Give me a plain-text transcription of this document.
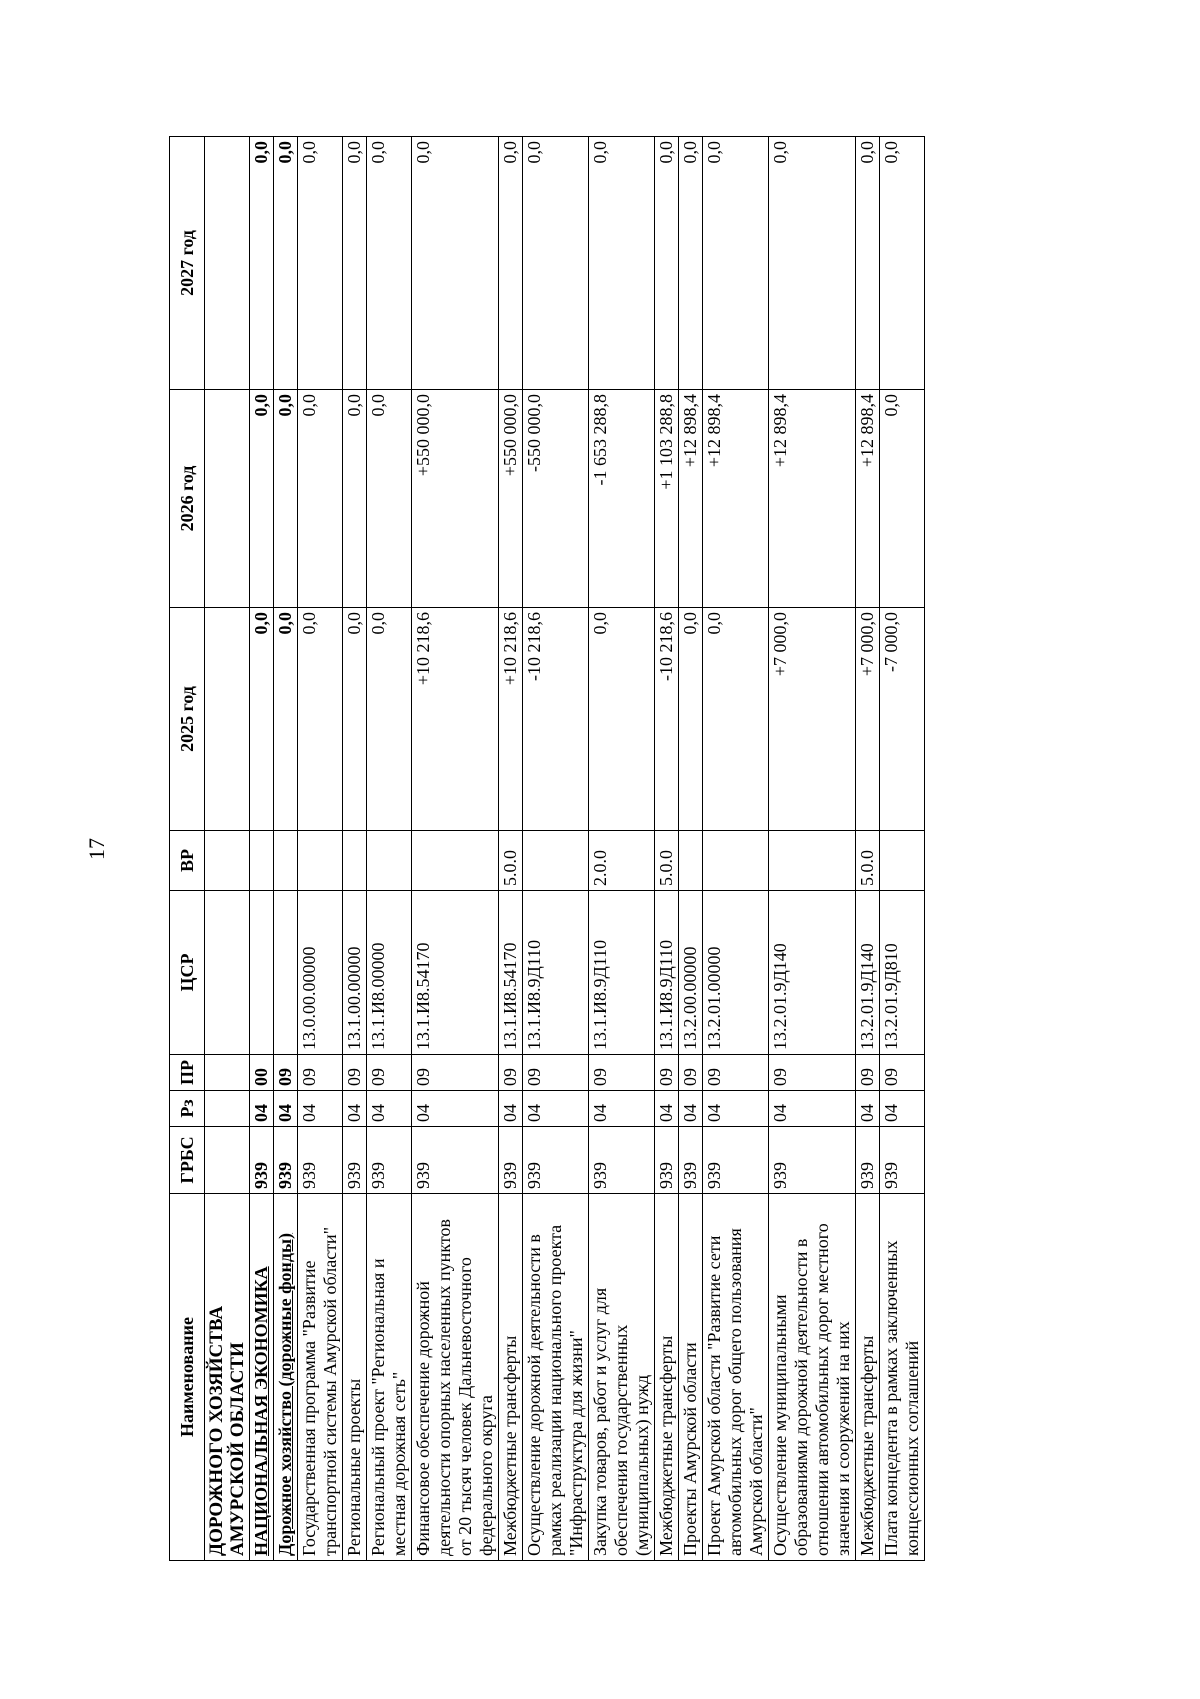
17
Наименование	ГРБС	Рз	ПР	ЦСР	ВР	2025 год	2026 год	2027 год
ДОРОЖНОГО ХОЗЯЙСТВА АМУРСКОЙ ОБЛАСТИ								
НАЦИОНАЛЬНАЯ ЭКОНОМИКА	939	04	00			0,0	0,0	0,0
Дорожное хозяйство (дорожные фонды)	939	04	09			0,0	0,0	0,0
Государственная программа "Развитие транспортной системы Амурской области"	939	04	09	13.0.00.00000		0,0	0,0	0,0
Региональные проекты	939	04	09	13.1.00.00000		0,0	0,0	0,0
Региональный проект "Региональная и местная дорожная сеть"	939	04	09	13.1.И8.00000		0,0	0,0	0,0
Финансовое обеспечение дорожной деятельности опорных населенных пунктов от 20 тысяч человек Дальневосточного федерального округа	939	04	09	13.1.И8.54170		+10 218,6	+550 000,0	0,0
Межбюджетные трансферты	939	04	09	13.1.И8.54170	5.0.0	+10 218,6	+550 000,0	0,0
Осуществление дорожной деятельности в рамках реализации национального проекта "Инфраструктура для жизни"	939	04	09	13.1.И8.9Д110		-10 218,6	-550 000,0	0,0
Закупка товаров, работ и услуг для обеспечения государственных (муниципальных) нужд	939	04	09	13.1.И8.9Д110	2.0.0	0,0	-1 653 288,8	0,0
Межбюджетные трансферты	939	04	09	13.1.И8.9Д110	5.0.0	-10 218,6	+1 103 288,8	0,0
Проекты Амурской области	939	04	09	13.2.00.00000		0,0	+12 898,4	0,0
Проект Амурской области "Развитие сети автомобильных дорог общего пользования Амурской области"	939	04	09	13.2.01.00000		0,0	+12 898,4	0,0
Осуществление муниципальными образованиями дорожной деятельности в отношении автомобильных дорог местного значения и сооружений на них	939	04	09	13.2.01.9Д140		+7 000,0	+12 898,4	0,0
Межбюджетные трансферты	939	04	09	13.2.01.9Д140	5.0.0	+7 000,0	+12 898,4	0,0
Плата концедента в рамках заключенных концессионных соглашений	939	04	09	13.2.01.9Д810		-7 000,0	0,0	0,0
